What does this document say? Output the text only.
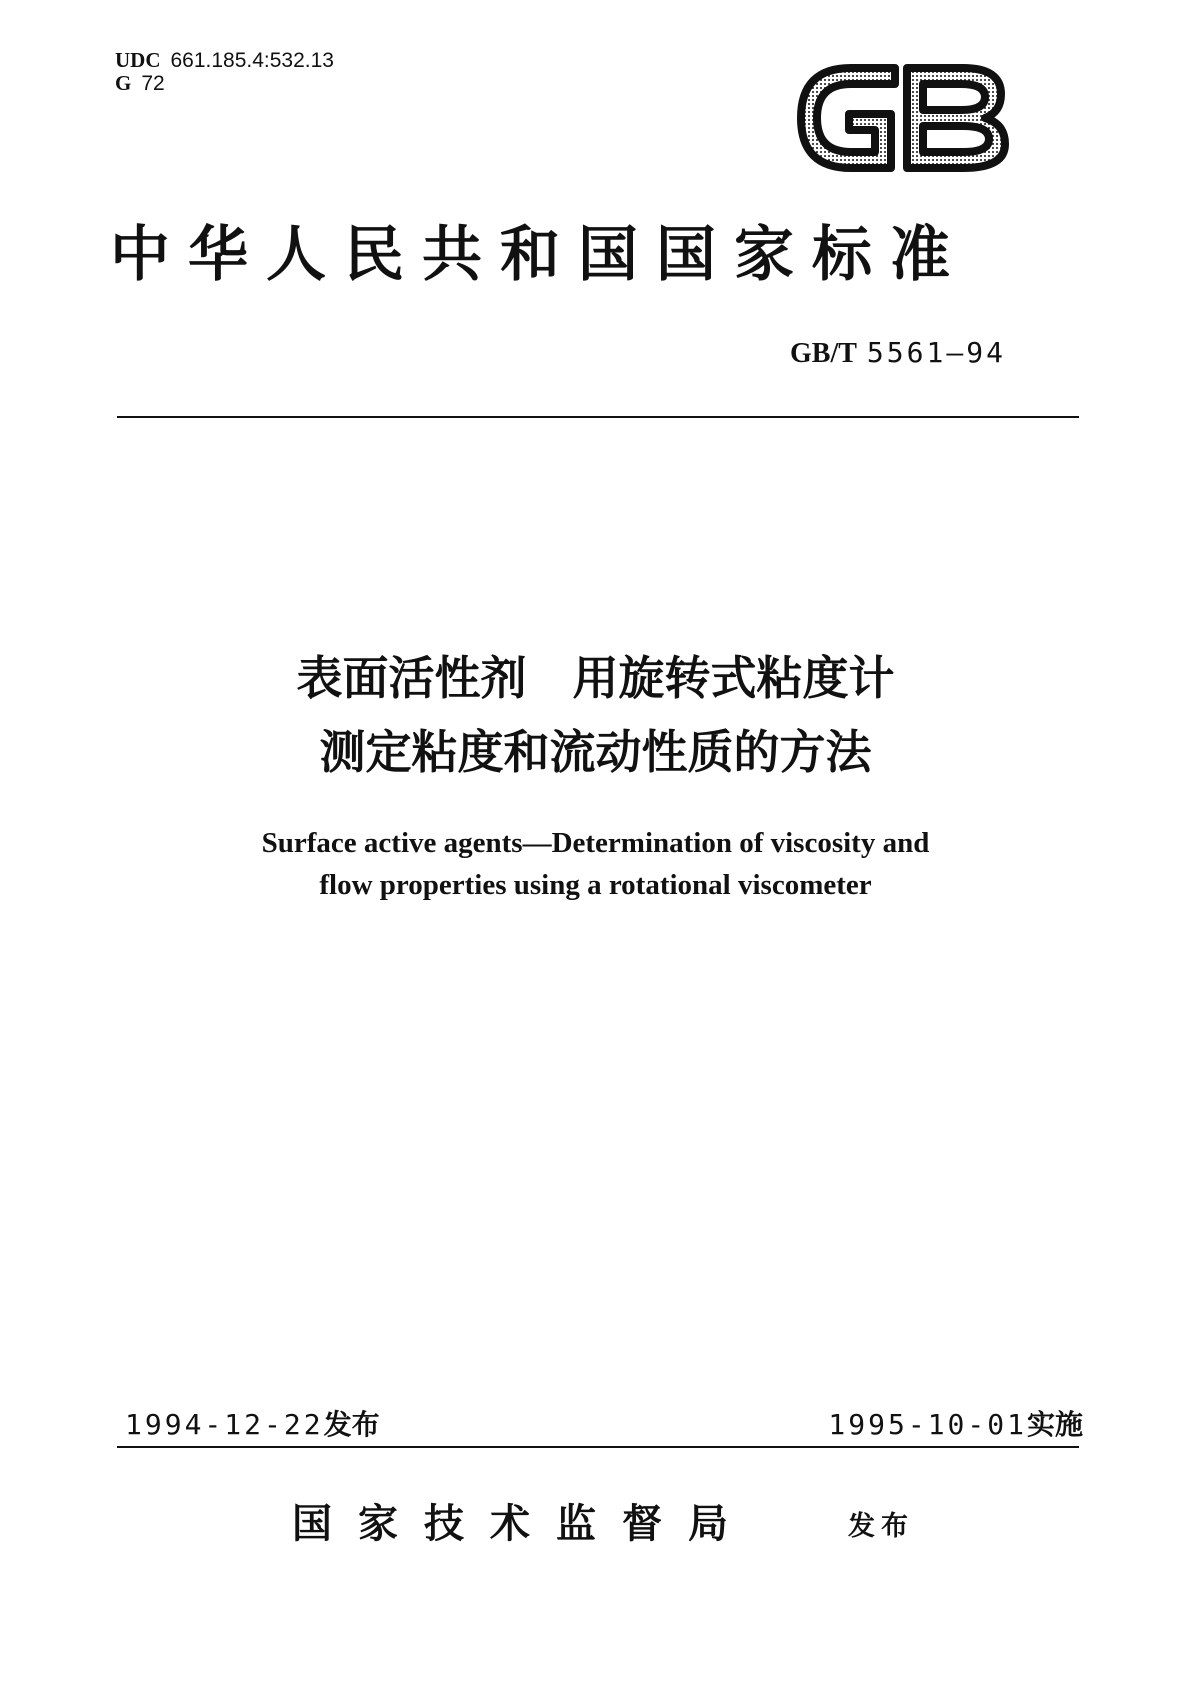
UDC 661.185.4:532.13
G 72
中华人民共和国国家标准
GB/T 5561—94
表面活性剂　用旋转式粘度计
测定粘度和流动性质的方法
Surface active agents—Determination of viscosity and
flow properties using a rotational viscometer
1994-12-22发布	1995-10-01实施
国家技术监督局	发布
